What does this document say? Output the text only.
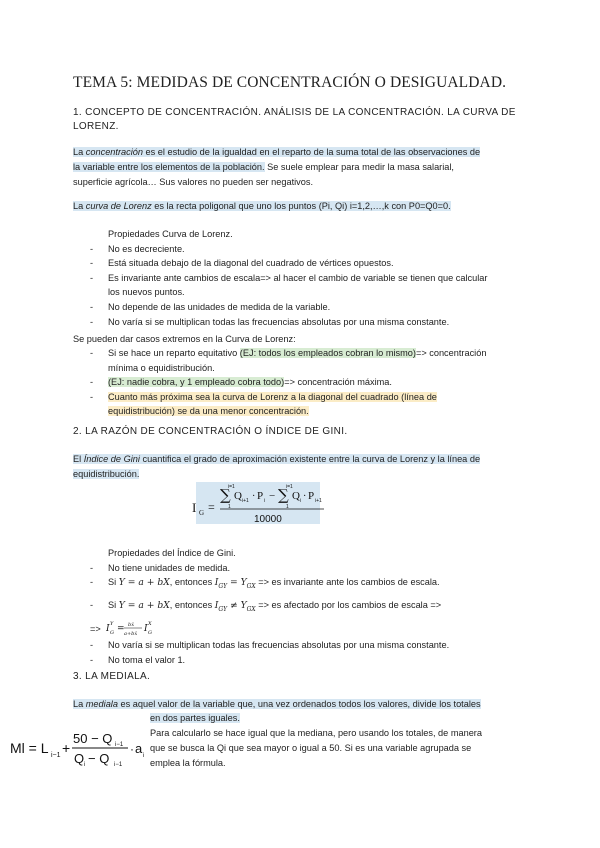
TEMA 5: MEDIDAS DE CONCENTRACIÓN O DESIGUALDAD.
1. CONCEPTO DE CONCENTRACIÓN. ANÁLISIS DE LA CONCENTRACIÓN. LA CURVA DE
LORENZ.
La concentración es el estudio de la igualdad en el reparto de la suma total de las observaciones de
la variable entre los elementos de la población. Se suele emplear para medir la masa salarial,
superficie agrícola… Sus valores no pueden ser negativos.
La curva de Lorenz es la recta poligonal que uno los puntos (Pi, Qi) i=1,2,…,k con P0=Q0=0.
Propiedades Curva de Lorenz.
- No es decreciente.
- Está situada debajo de la diagonal del cuadrado de vértices opuestos.
- Es invariante ante cambios de escala=> al hacer el cambio de variable se tienen que calcular
los nuevos puntos.
- No depende de las unidades de medida de la variable.
- No varía si se multiplican todas las frecuencias absolutas por una misma constante.
Se pueden dar casos extremos en la Curva de Lorenz:
- Si se hace un reparto equitativo (EJ: todos los empleados cobran lo mismo)=> concentración
mínima o equidistribución.
- (EJ: nadie cobra, y 1 empleado cobra todo)=> concentración máxima.
- Cuanto más próxima sea la curva de Lorenz a la diagonal del cuadrado (línea de
equidistribución) se da una menor concentración.
2. LA RAZÓN DE CONCENTRACIÓN O ÍNDICE DE GINI.
El Índice de Gini cuantifica el grado de aproximación existente entre la curva de Lorenz y la línea de
equidistribución.
I G =
i=1
∑
1
Q i+1 · P i −
i=1
∑
1
Q i · P i+1
10000
Propiedades del Índice de Gini.
- No tiene unidades de medida.
- Si Y = a + bX, entonces $I_{GY} = Y_{GX}$ => es invariante ante los cambios de escala.
- Si Y = a + bX, entonces $I_{GY} \ne Y_{GX}$ => es afectado por los cambios de escala =>
=> I Y
G = bx̄
a+bx̄ I X
G
- No varía si se multiplican todas las frecuencias absolutas por una misma constante.
- No toma el valor 1.
3. LA MEDIALA.
La mediala es aquel valor de la variable que, una vez ordenados todos los valores, divide los totales
en dos partes iguales.
Para calcularlo se hace igual que la mediana, pero usando los totales, de manera
que se busca la Qi que sea mayor o igual a 50. Si es una variable agrupada se
emplea la fórmula.
Ml = L i−1 +
50 − Q i−1
Q i − Q i−1
· a i
